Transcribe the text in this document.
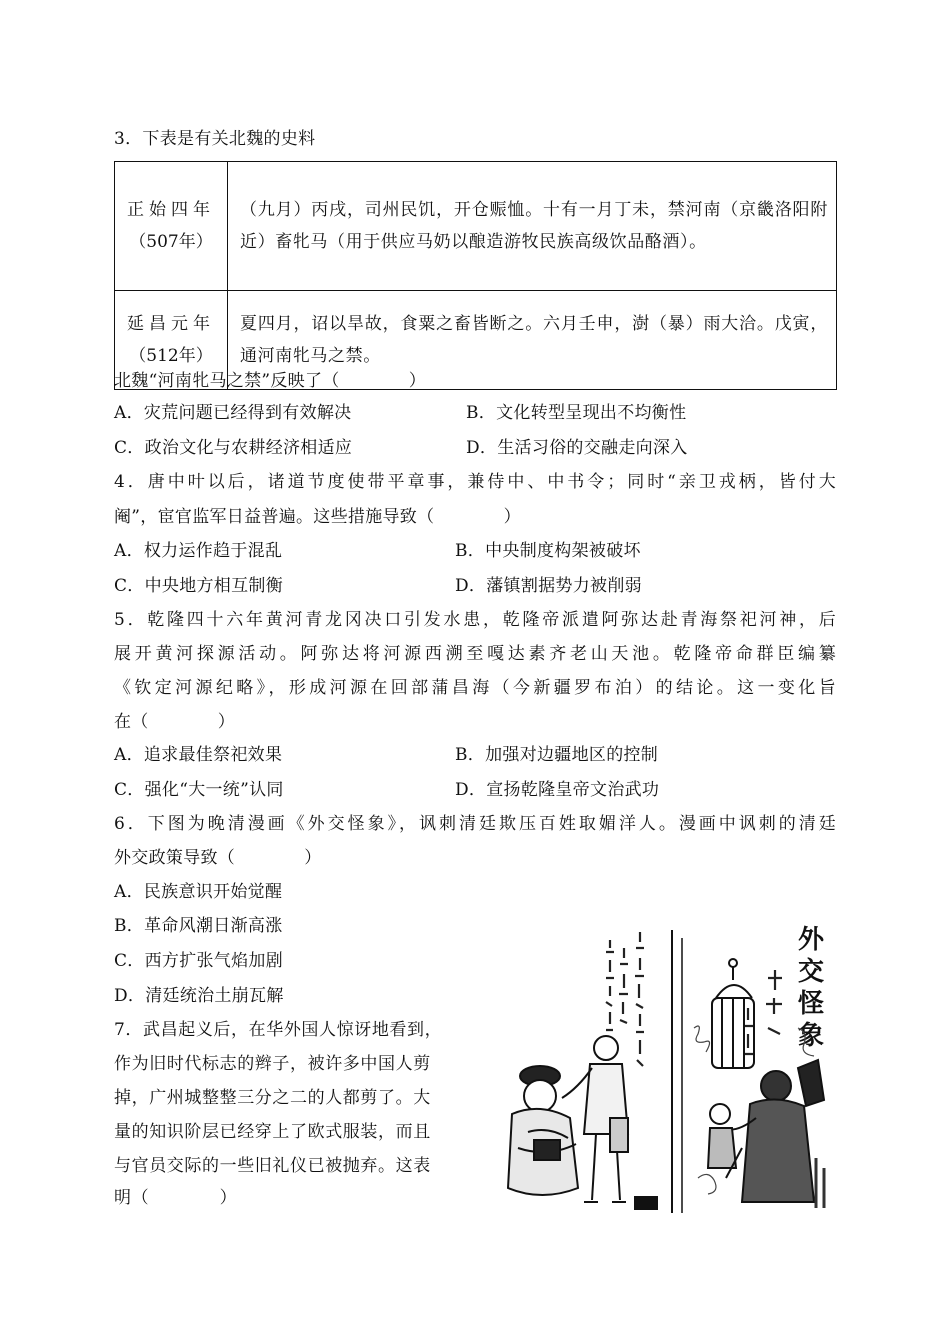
3．下表是有关北魏的史料
正始四年
（507年）	（九月）丙戌，司州民饥，开仓赈恤。十有一月丁未，禁河南（京畿洛阳附近）畜牝马（用于供应马奶以酿造游牧民族高级饮品酪酒）。

延昌元年
（512年）	夏四月，诏以旱故，食粟之畜皆断之。六月壬申，澍（暴）雨大洽。戊寅，通河南牝马之禁。
北魏“河南牝马之禁”反映了（　　　　）
A．灾荒问题已经得到有效解决	B．文化转型呈现出不均衡性
C．政治文化与农耕经济相适应	D．生活习俗的交融走向深入
4．唐中叶以后，诸道节度使带平章事，兼侍中、中书令；同时“亲卫戎柄，皆付大
阉”，宦官监军日益普遍。这些措施导致（　　　　）
A．权力运作趋于混乱	B．中央制度构架被破坏
C．中央地方相互制衡	D．藩镇割据势力被削弱
5．乾隆四十六年黄河青龙冈决口引发水患，乾隆帝派遣阿弥达赴青海祭祀河神，后
展开黄河探源活动。阿弥达将河源西溯至嘎达素齐老山天池。乾隆帝命群臣编纂
《钦定河源纪略》，形成河源在回部蒲昌海（今新疆罗布泊）的结论。这一变化旨
在（　　　　）
A．追求最佳祭祀效果	B．加强对边疆地区的控制
C．强化“大一统”认同	D．宣扬乾隆皇帝文治武功
6．下图为晚清漫画《外交怪象》，讽刺清廷欺压百姓取媚洋人。漫画中讽刺的清廷
外交政策导致（　　　　）
A．民族意识开始觉醒
B．革命风潮日渐高涨
C．西方扩张气焰加剧
D．清廷统治土崩瓦解
7．武昌起义后，在华外国人惊讶地看到，
作为旧时代标志的辫子，被许多中国人剪
掉，广州城整整三分之二的人都剪了。大
量的知识阶层已经穿上了欧式服装，而且
与官员交际的一些旧礼仪已被抛弃。这表
明（　　　　）
外交怪象
